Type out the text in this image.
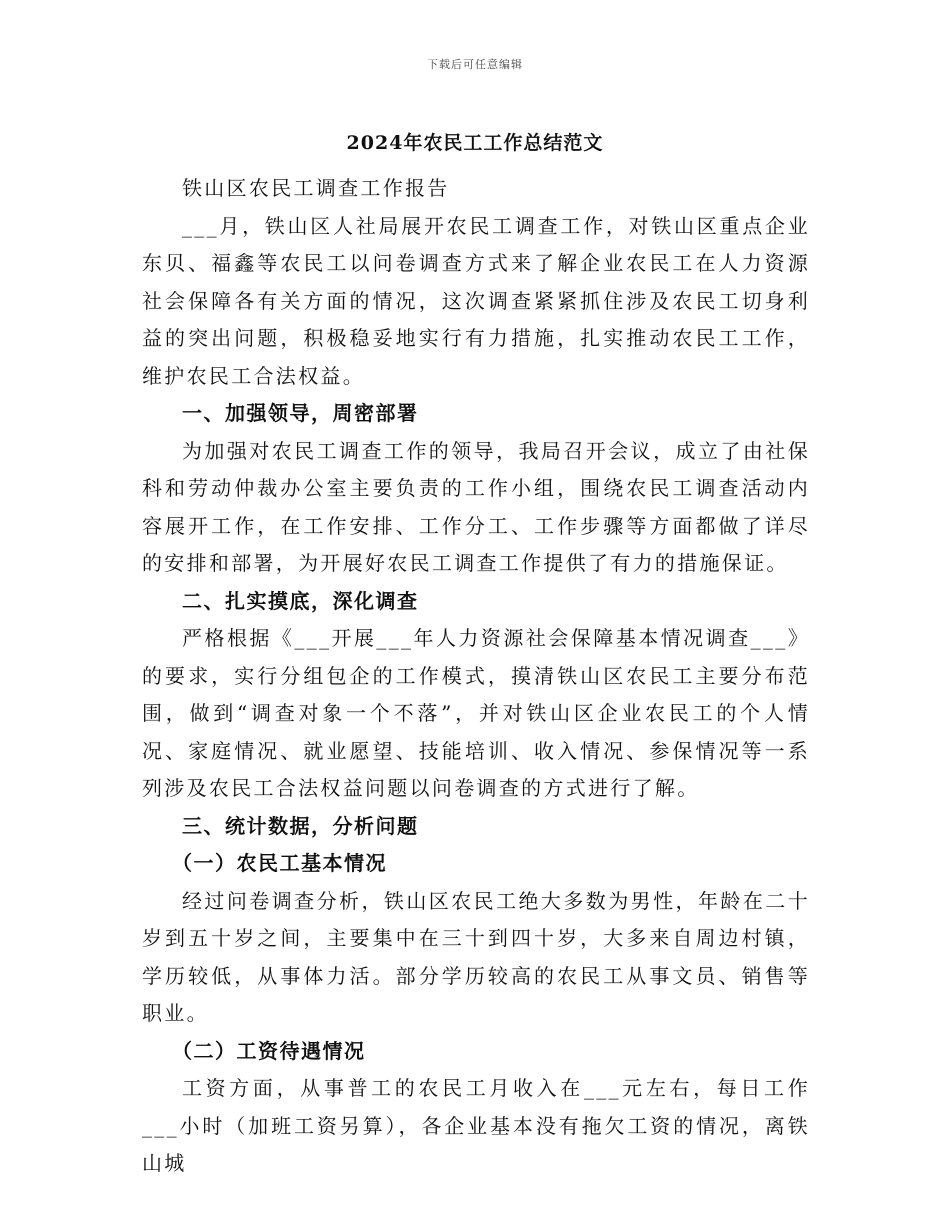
下载后可任意编辑
2024年农民工工作总结范文

铁山区农民工调查工作报告

___月，铁山区人社局展开农民工调查工作，对铁山区重点企业东贝、福鑫等农民工以问卷调查方式来了解企业农民工在人力资源社会保障各有关方面的情况，这次调查紧紧抓住涉及农民工切身利益的突出问题，积极稳妥地实行有力措施，扎实推动农民工工作，维护农民工合法权益。

一、加强领导，周密部署

为加强对农民工调查工作的领导，我局召开会议，成立了由社保科和劳动仲裁办公室主要负责的工作小组，围绕农民工调查活动内容展开工作，在工作安排、工作分工、工作步骤等方面都做了详尽的安排和部署，为开展好农民工调查工作提供了有力的措施保证。

二、扎实摸底，深化调查

严格根据《___开展___年人力资源社会保障基本情况调查___》的要求，实行分组包企的工作模式，摸清铁山区农民工主要分布范围，做到“调查对象一个不落”，并对铁山区企业农民工的个人情况、家庭情况、就业愿望、技能培训、收入情况、参保情况等一系列涉及农民工合法权益问题以问卷调查的方式进行了解。

三、统计数据，分析问题

（一）农民工基本情况

经过问卷调查分析，铁山区农民工绝大多数为男性，年龄在二十岁到五十岁之间，主要集中在三十到四十岁，大多来自周边村镇，学历较低，从事体力活。部分学历较高的农民工从事文员、销售等职业。

（二）工资待遇情况

工资方面，从事普工的农民工月收入在___元左右，每日工作___小时（加班工资另算），各企业基本没有拖欠工资的情况，离铁山城
